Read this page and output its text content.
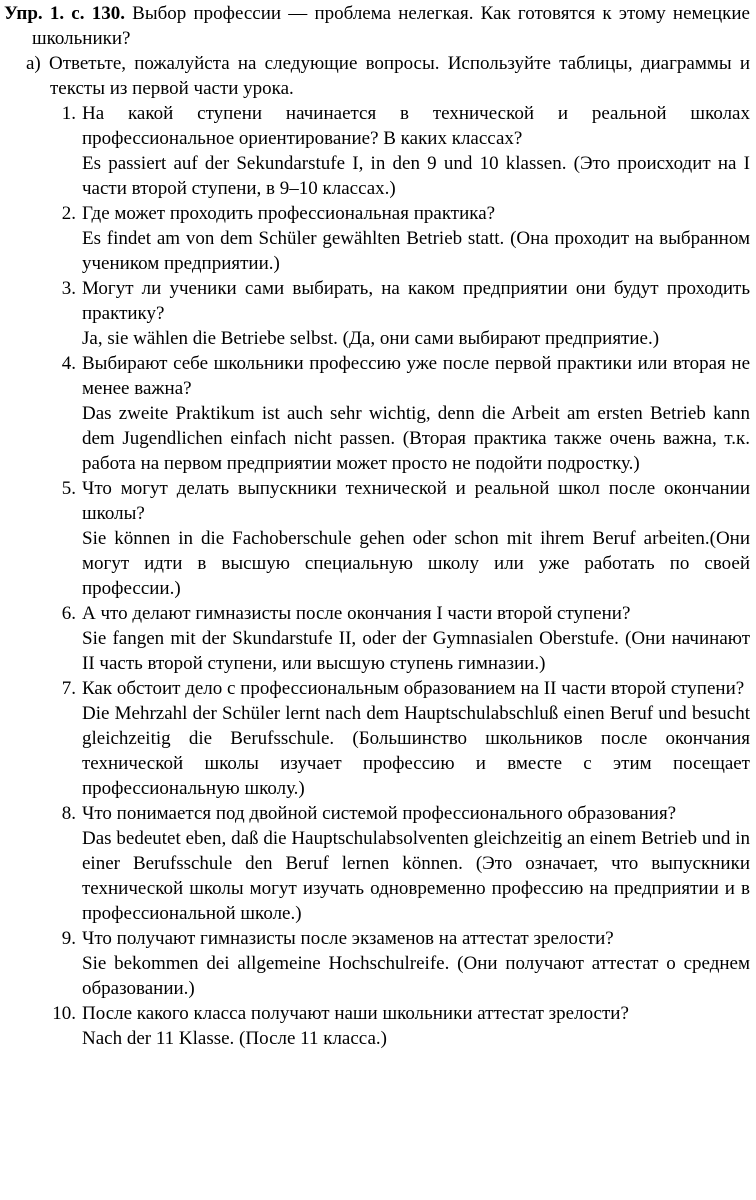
Упр. 1. с. 130. Выбор профессии — проблема нелегкая. Как готовятся к этому немецкие школьники?
а) Ответьте, пожалуйста на следующие вопросы. Используйте таблицы, диаграммы и тексты из первой части урока.
1. На какой ступени начинается в технической и реальной школах профессиональное ориентирование? В каких классах?
Es passiert auf der Sekundarstufe I, in den 9 und 10 klassen. (Это происходит на I части второй ступени, в 9–10 классах.)
2. Где может проходить профессиональная практика?
Es findet am von dem Schüler gewählten Betrieb statt. (Она проходит на выбранном учеником предприятии.)
3. Могут ли ученики сами выбирать, на каком предприятии они будут проходить практику?
Ja, sie wählen die Betriebe selbst. (Да, они сами выбирают предприятие.)
4. Выбирают себе школьники профессию уже после первой практики или вторая не менее важна?
Das zweite Praktikum ist auch sehr wichtig, denn die Arbeit am ersten Betrieb kann dem Jugendlichen einfach nicht passen. (Вторая практика также очень важна, т.к. работа на первом предприятии может просто не подойти подростку.)
5. Что могут делать выпускники технической и реальной школ после окончании школы?
Sie können in die Fachoberschule gehen oder schon mit ihrem Beruf arbeiten.(Они могут идти в высшую специальную школу или уже работать по своей профессии.)
6. А что делают гимназисты после окончания I части второй ступени?
Sie fangen mit der Skundarstufe II, oder der Gymnasialen Oberstufe. (Они начинают II часть второй ступени, или высшую ступень гимназии.)
7. Как обстоит дело с профессиональным образованием на II части второй ступени?
Die Mehrzahl der Schüler lernt nach dem Hauptschulabschluß einen Beruf und besucht gleichzeitig die Berufsschule. (Большинство школьников после окончания технической школы изучает профессию и вместе с этим посещает профессиональную школу.)
8. Что понимается под двойной системой профессионального образования?
Das bedeutet eben, daß die Hauptschulabsolventen gleichzeitig an einem Betrieb und in einer Berufsschule den Beruf lernen können. (Это означает, что выпускники технической школы могут изучать одновременно профессию на предприятии и в профессиональной школе.)
9. Что получают гимназисты после экзаменов на аттестат зрелости?
Sie bekommen dei allgemeine Hochschulreife. (Они получают аттестат о среднем образовании.)
10. После какого класса получают наши школьники аттестат зрелости?
Nach der 11 Klasse. (После 11 класса.)
